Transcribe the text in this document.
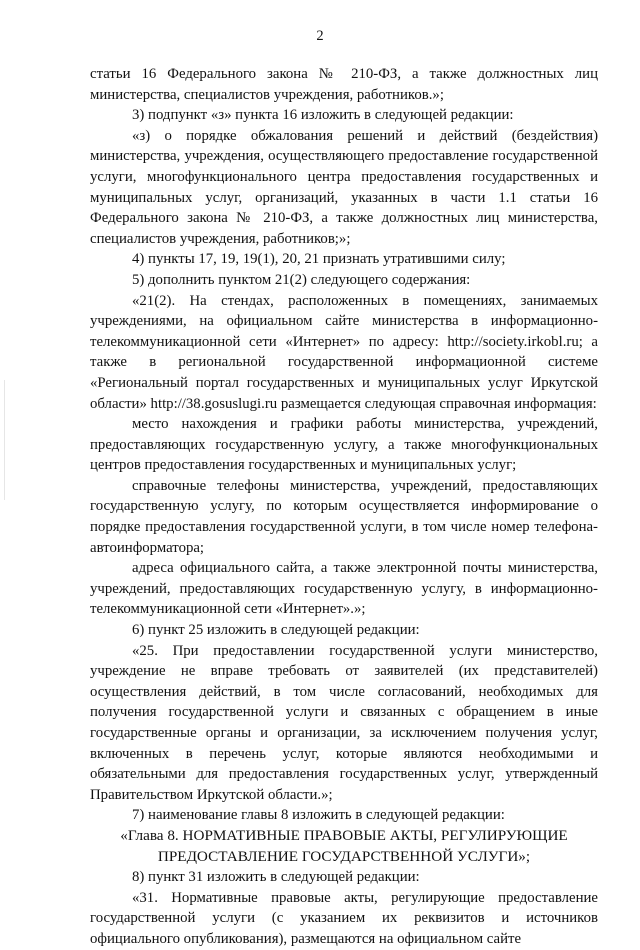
2

статьи 16 Федерального закона № 210-ФЗ, а также должностных лиц министерства, специалистов учреждения, работников.»;

3) подпункт «з» пункта 16 изложить в следующей редакции:

«з) о порядке обжалования решений и действий (бездействия) министерства, учреждения, осуществляющего предоставление государственной услуги, многофункционального центра предоставления государственных и муниципальных услуг, организаций, указанных в части 1.1 статьи 16 Федерального закона № 210-ФЗ, а также должностных лиц министерства, специалистов учреждения, работников;»;

4) пункты 17, 19, 19(1), 20, 21 признать утратившими силу;

5) дополнить пунктом 21(2) следующего содержания:

«21(2). На стендах, расположенных в помещениях, занимаемых учреждениями, на официальном сайте министерства в информационно-телекоммуникационной сети «Интернет» по адресу: http://society.irkobl.ru; а также в региональной государственной информационной системе «Региональный портал государственных и муниципальных услуг Иркутской области» http://38.gosuslugi.ru размещается следующая справочная информация:

место нахождения и графики работы министерства, учреждений, предоставляющих государственную услугу, а также многофункциональных центров предоставления государственных и муниципальных услуг;

справочные телефоны министерства, учреждений, предоставляющих государственную услугу, по которым осуществляется информирование о порядке предоставления государственной услуги, в том числе номер телефона-автоинформатора;

адреса официального сайта, а также электронной почты министерства, учреждений, предоставляющих государственную услугу, в информационно-телекоммуникационной сети «Интернет».»;

6) пункт 25 изложить в следующей редакции:

«25. При предоставлении государственной услуги министерство, учреждение не вправе требовать от заявителей (их представителей) осуществления действий, в том числе согласований, необходимых для получения государственной услуги и связанных с обращением в иные государственные органы и организации, за исключением получения услуг, включенных в перечень услуг, которые являются необходимыми и обязательными для предоставления государственных услуг, утвержденный Правительством Иркутской области.»;

7) наименование главы 8 изложить в следующей редакции:

«Глава 8. НОРМАТИВНЫЕ ПРАВОВЫЕ АКТЫ, РЕГУЛИРУЮЩИЕ ПРЕДОСТАВЛЕНИЕ ГОСУДАРСТВЕННОЙ УСЛУГИ»;

8) пункт 31 изложить в следующей редакции:

«31. Нормативные правовые акты, регулирующие предоставление государственной услуги (с указанием их реквизитов и источников официального опубликования), размещаются на официальном сайте
